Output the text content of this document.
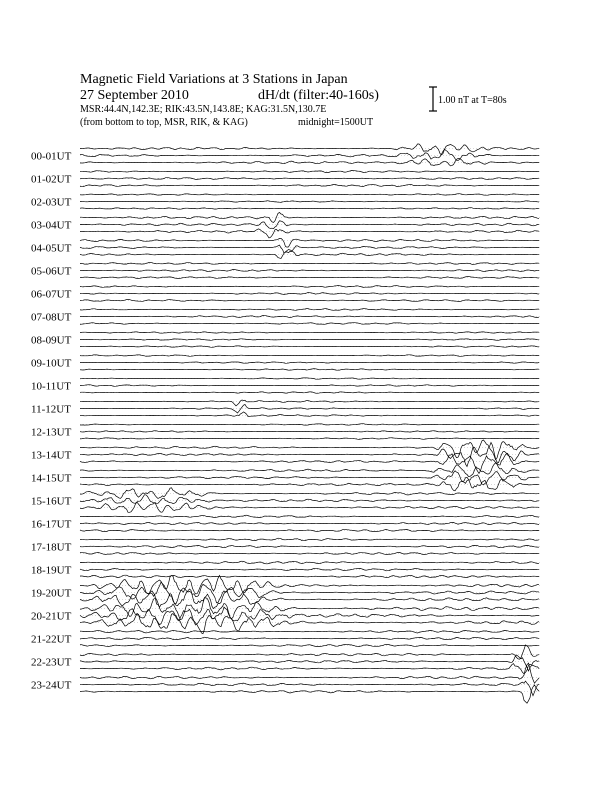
Magnetic Field Variations at 3 Stations in Japan
27 September 2010	dH/dt (filter:40-160s)
MSR:44.4N,142.3E; RIK:43.5N,143.8E; KAG:31.5N,130.7E
(from bottom to top, MSR, RIK, & KAG)	midnight=1500UT
1.00 nT at T=80s
00-01UT
01-02UT
02-03UT
03-04UT
04-05UT
05-06UT
06-07UT
07-08UT
08-09UT
09-10UT
10-11UT
11-12UT
12-13UT
13-14UT
14-15UT
15-16UT
16-17UT
17-18UT
18-19UT
19-20UT
20-21UT
21-22UT
22-23UT
23-24UT
